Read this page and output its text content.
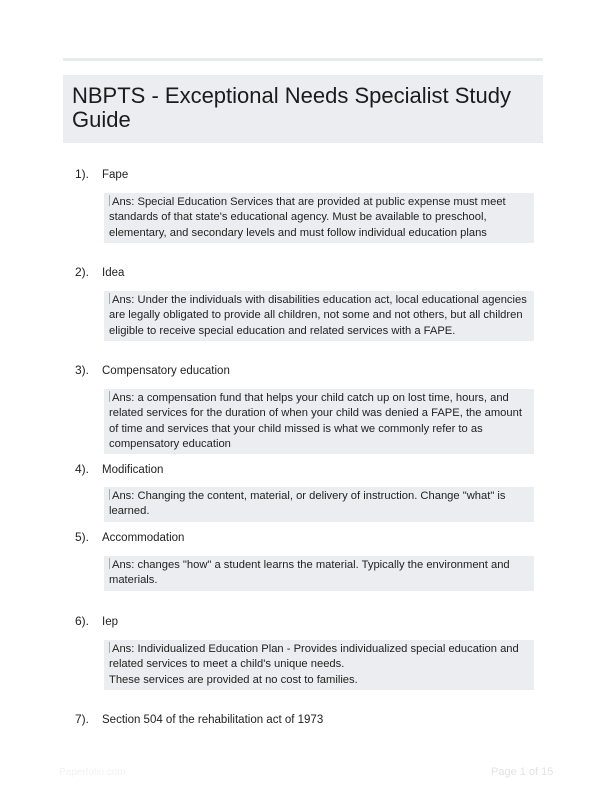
NBPTS - Exceptional Needs Specialist Study Guide
1). Fape

Ans: Special Education Services that are provided at public expense must meet standards of that state's educational agency. Must be available to preschool, elementary, and secondary levels and must follow individual education plans

2). Idea

Ans: Under the individuals with disabilities education act, local educational agencies are legally obligated to provide all children, not some and not others, but all children eligible to receive special education and related services with a FAPE.

3). Compensatory education

Ans: a compensation fund that helps your child catch up on lost time, hours, and related services for the duration of when your child was denied a FAPE, the amount of time and services that your child missed is what we commonly refer to as compensatory education

4). Modification

Ans: Changing the content, material, or delivery of instruction. Change "what" is learned.

5). Accommodation

Ans: changes "how" a student learns the material. Typically the environment and materials.

6). Iep

Ans: Individualized Education Plan - Provides individualized special education and related services to meet a child's unique needs.

These services are provided at no cost to families.

7). Section 504 of the rehabilitation act of 1973
Paperfolio.com	Page 1 of 15
